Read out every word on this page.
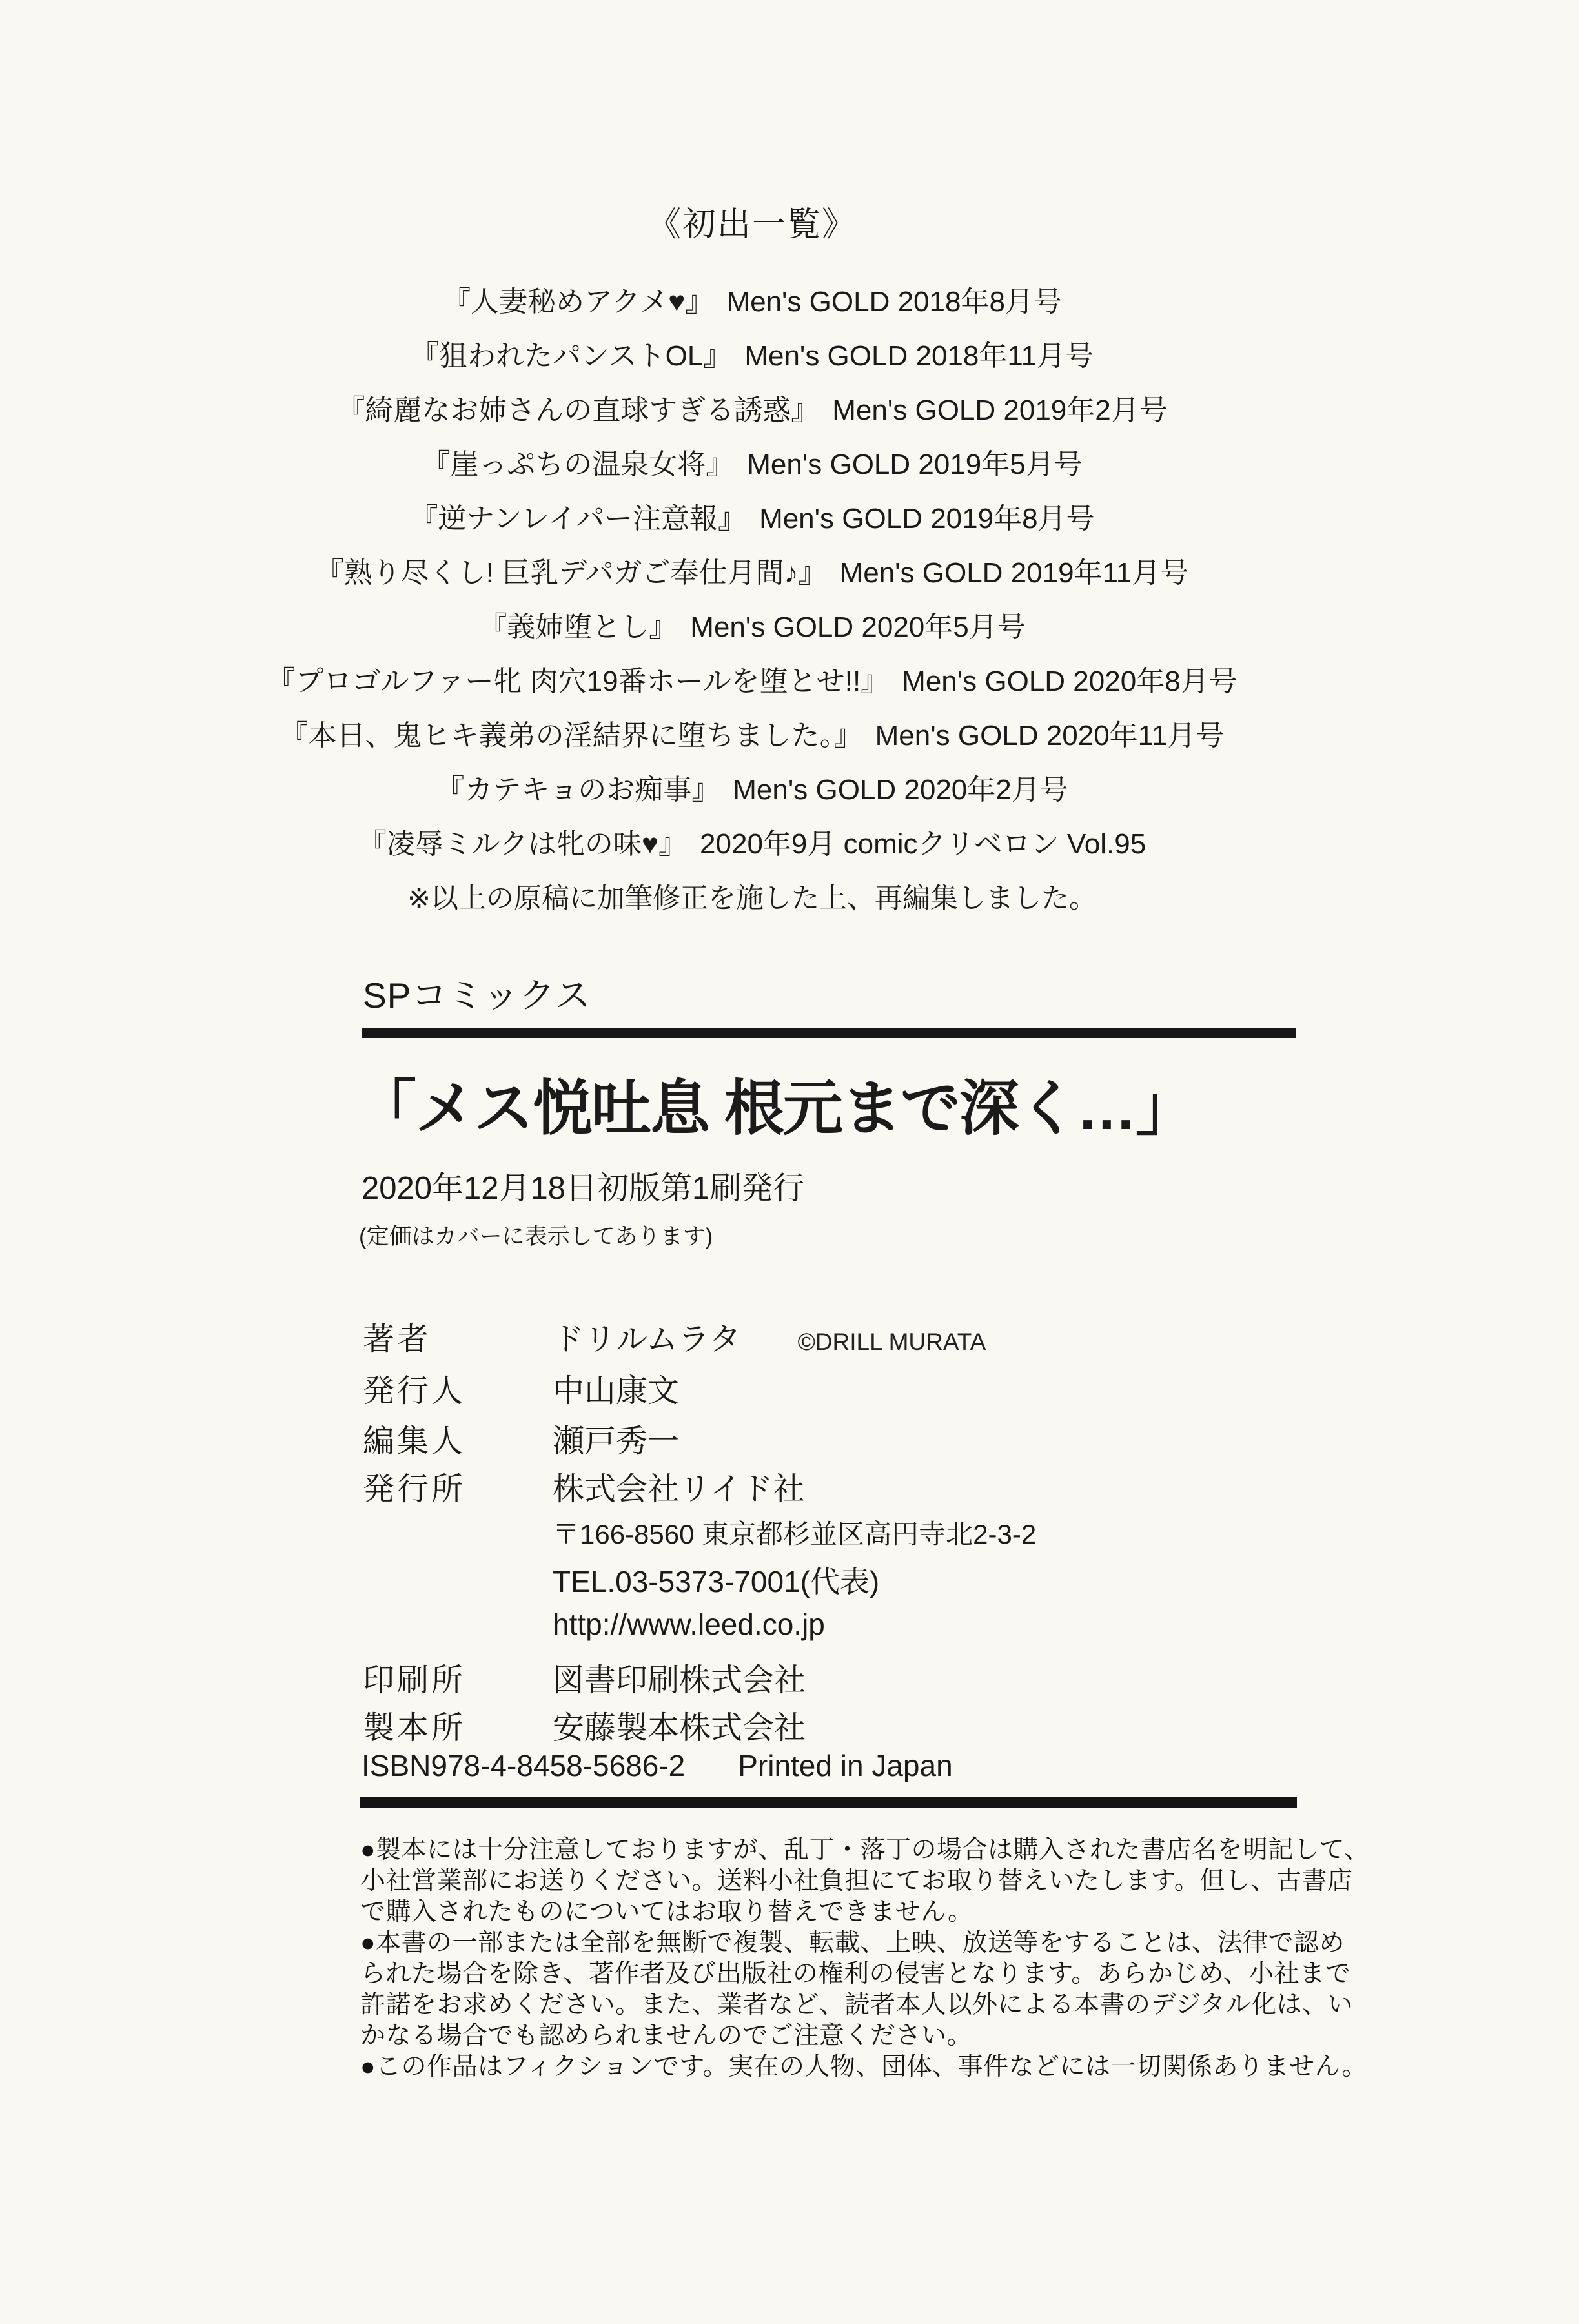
《初出一覧》
『人妻秘めアクメ♥』 Men's GOLD 2018年8月号
『狙われたパンストOL』 Men's GOLD 2018年11月号
『綺麗なお姉さんの直球すぎる誘惑』 Men's GOLD 2019年2月号
『崖っぷちの温泉女将』 Men's GOLD 2019年5月号
『逆ナンレイパー注意報』 Men's GOLD 2019年8月号
『熟り尽くし! 巨乳デパガご奉仕月間♪』 Men's GOLD 2019年11月号
『義姉堕とし』 Men's GOLD 2020年5月号
『プロゴルファー牝 肉穴19番ホールを堕とせ!!』 Men's GOLD 2020年8月号
『本日、鬼ヒキ義弟の淫結界に堕ちました。』 Men's GOLD 2020年11月号
『カテキョのお痴事』 Men's GOLD 2020年2月号
『凌辱ミルクは牝の味♥』 2020年9月 comicクリベロン Vol.95
※以上の原稿に加筆修正を施した上、再編集しました。
SPコミックス
「メス悦吐息 根元まで深く…」
2020年12月18日初版第1刷発行
(定価はカバーに表示してあります)
著者	ドリルムラタ ©DRILL MURATA
発行人	中山康文
編集人	瀬戸秀一
発行所	株式会社リイド社
〒166-8560 東京都杉並区高円寺北2-3-2
TEL.03-5373-7001(代表)
http://www.leed.co.jp
印刷所	図書印刷株式会社
製本所	安藤製本株式会社
ISBN978-4-8458-5686-2 Printed in Japan
●製本には十分注意しておりますが、乱丁・落丁の場合は購入された書店名を明記して、
小社営業部にお送りください。送料小社負担にてお取り替えいたします。但し、古書店
で購入されたものについてはお取り替えできません。
●本書の一部または全部を無断で複製、転載、上映、放送等をすることは、法律で認め
られた場合を除き、著作者及び出版社の権利の侵害となります。あらかじめ、小社まで
許諾をお求めください。また、業者など、読者本人以外による本書のデジタル化は、い
かなる場合でも認められませんのでご注意ください。
●この作品はフィクションです。実在の人物、団体、事件などには一切関係ありません。
